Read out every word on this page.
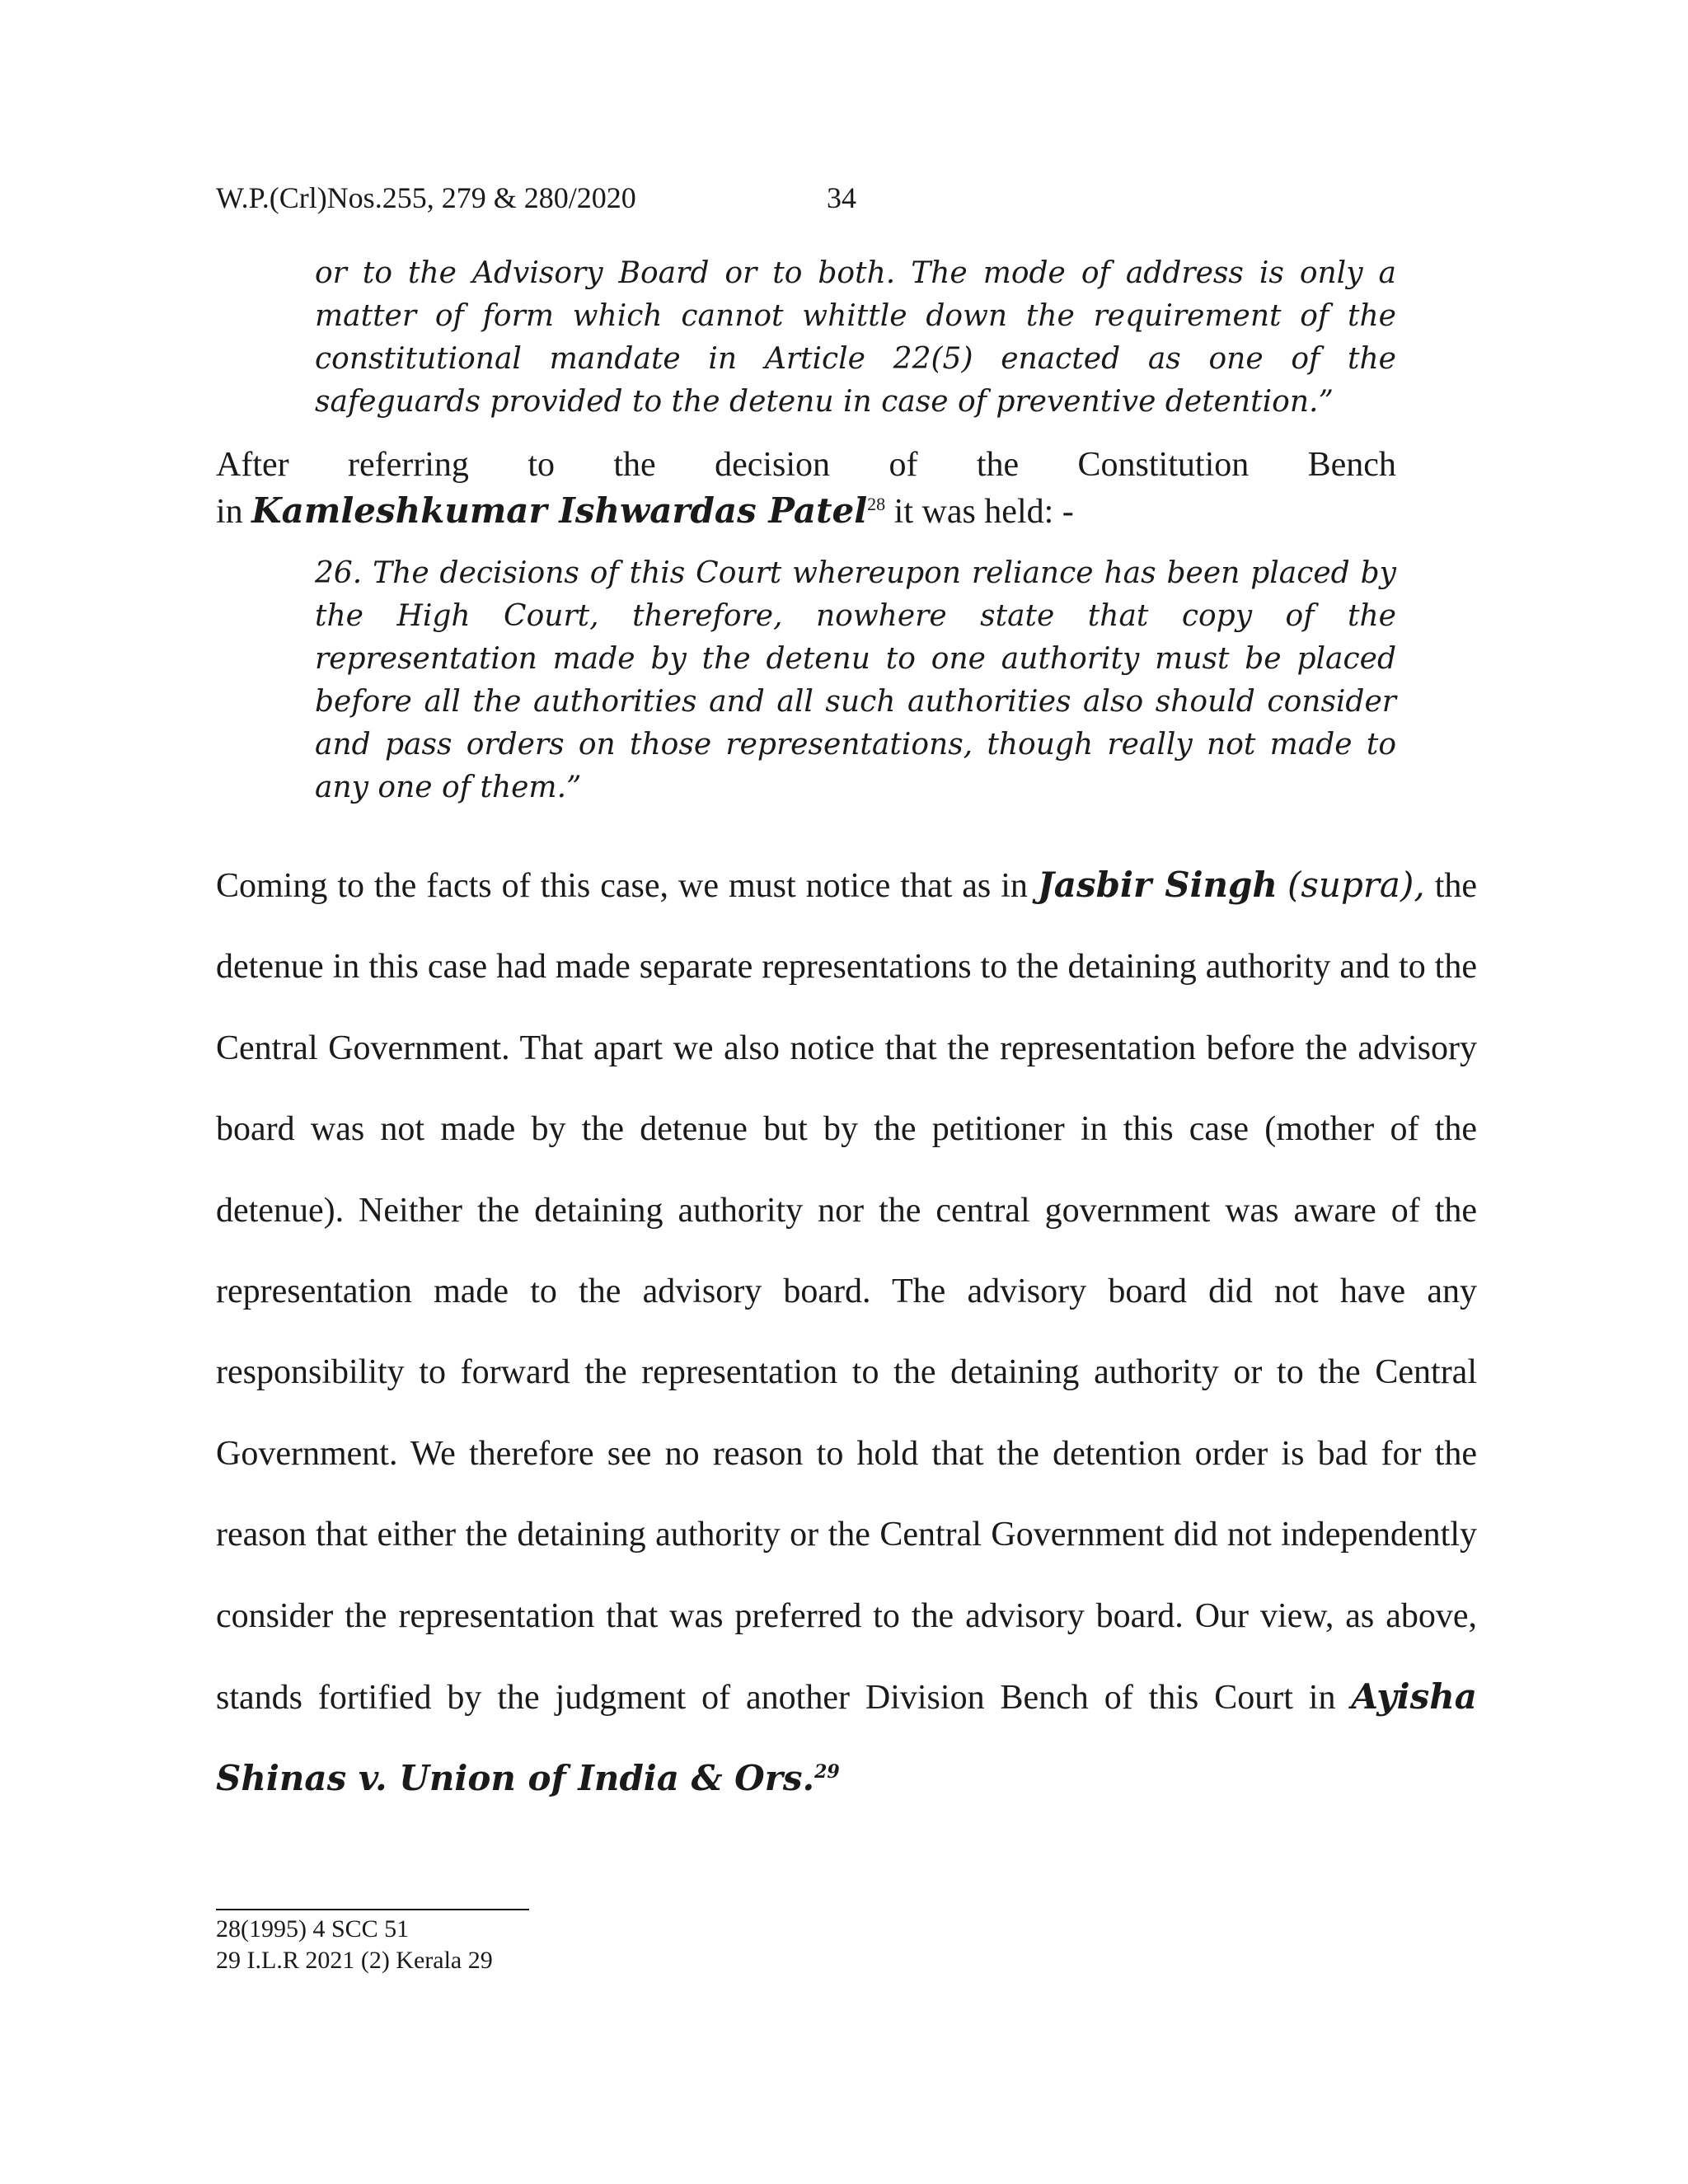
W.P.(Crl)Nos.255, 279 & 280/2020	34

or to the Advisory Board or to both. The mode of address is only a matter of form which cannot whittle down the requirement of the constitutional mandate in Article 22(5) enacted as one of the safeguards provided to the detenu in case of preventive detention.”

After referring to the decision of the Constitution Bench
in Kamleshkumar Ishwardas Patel$^{28}$ it was held: -

26. The decisions of this Court whereupon reliance has been placed by the High Court, therefore, nowhere state that copy of the representation made by the detenu to one authority must be placed before all the authorities and all such authorities also should consider and pass orders on those representations, though really not made to any one of them.”

Coming to the facts of this case, we must notice that as in Jasbir Singh (supra), the detenue in this case had made separate representations to the detaining authority and to the Central Government. That apart we also notice that the representation before the advisory board was not made by the detenue but by the petitioner in this case (mother of the detenue). Neither the detaining authority nor the central government was aware of the representation made to the advisory board. The advisory board did not have any responsibility to forward the representation to the detaining authority or to the Central Government. We therefore see no reason to hold that the detention order is bad for the reason that either the detaining authority or the Central Government did not independently consider the representation that was preferred to the advisory board. Our view, as above, stands fortified by the judgment of another Division Bench of this Court in Ayisha Shinas v. Union of India & Ors.$^{29}$

28(1995) 4 SCC 51
29 I.L.R 2021 (2) Kerala 29
